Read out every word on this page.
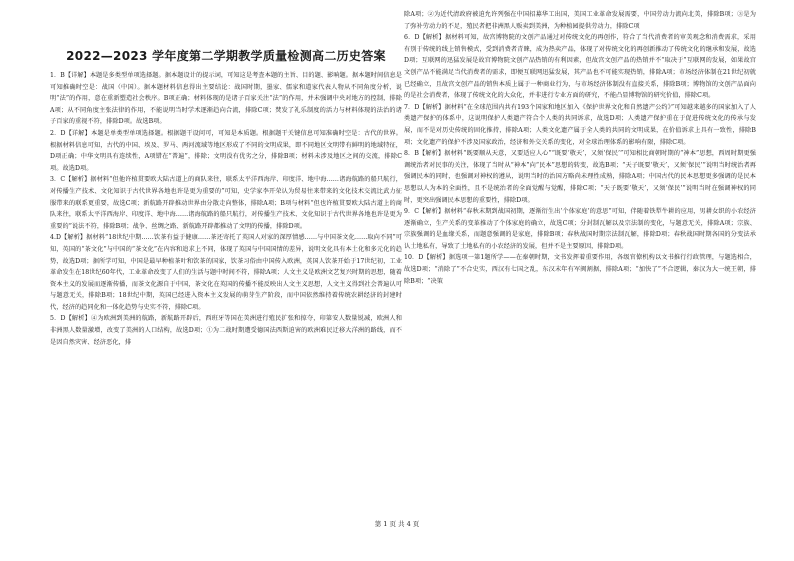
2022—2023 学年度第二学期教学质量检测高二历史答案

1．B【详解】本题是多类型单项选择题。据本题设计的提示词，可知这是考查本题的主旨、目的题、影响题。据本题时间信息是可知推确时空是：战国（中国）。据本题材料信息得出主要结论：战国时期，墨家、儒家和道家代表人物从不同角度分析，说明“法”的作用，意在重新塑造社会秩序。B项正确；材料体现的是诸子百家关注“法”的作用，并未强调中央对地方的控制，排除A项；从不同角度主张法律的作用，不能说明当时学术逐渐趋向合流，排除C项；焚发了礼乐制度的活力与材料体现的法治的诸子百家的重视不符，排除D项。故选B项。

2．D【详解】本题是单类型单项选择题。根据题干设问可，可知是本质题。根据题干关键信息可知准确时空是：古代的世界。根据材料信息可知，古代的中国、埃及、罗马、两河流域等地区形成了不同的文明成果，即不同地区文明带有鲜明的地域特征，D项正确；中华文明具有连续性，A项错在“普遍”，排除；文明没有优劣之分，排除B项；材料未涉及地区之间的交流，排除C项。故选D项。

3．C【解析】据材料“但他许植贯要欧大陆古道上的商队来往，联系太平洋西海岸、印度洋、地中海……诸海航路的船只航行，对传播生产技术、文化知识于古代世界各地也许是更为重要的”可知，史学家李开荣认为贸易往来带来的文化技术交流比武力征服带来的联系更重要，故选C项；新航路开辟推动世界由分散走向整体，排除A项；B项与材料“但也许植贯要欧大陆古道上的商队来往，联系太平洋西海岸、印度洋、地中海……诸海航路的船只航行，对传播生产技术、文化知识于古代世界各地也许是更为重要的”说法不符，排除B项；战争、丝绸之路、新航路开辟都推动了文明的传播，排除D项。

4.D【解析】据材料“18世纪中期……饮茶有益于健康……茶还寄托了英国人对家的深厚情感……与中国茶文化……取向不同”可知，英国的“茶文化”与中国的“茶文化”在内容和追求上不同，体现了英国与中国国情的差异，说明文化具有本土化和多元化的趋势，故选D项；据所学可知，中国是最早种植茶叶和饮茶的国家，饮茶习俗由中国传入欧洲，英国人饮茶开始于17世纪初，工业革命发生在18世纪60年代，工业革命改变了人们的生活与题中时间不符，排除A项；人文主义是欧洲文艺复兴时期的思想，随着资本主义的发展而逐渐传播，而茶文化源自于中国，茶文化在英国的传播不能反映出人文主义思想，人文主义得到社会普遍认可与题意无关，排除B项；18世纪中期，英国已经进入资本主义发展的萌芽生产阶段，而中国依然维持着传统农耕经济的封建时代，经济的趋同化和一体化趋势与史实不符，排除C项。

5．D【解析】④为欧洲到美洲的航路，新航路开辟后，西班牙等国在美洲进行殖民扩张和掠夺，印第安人数量锐减，欧洲人和非洲黑人数量激增，改变了美洲的人口结构，故选D项；①为二战时期遭受德国法西斯迫害的欧洲难民迁移大洋洲的路线，而不是因自然灾害、经济恶化，排

除A项；②为近代清政府被迫允许列强在中国招募华工出国，美国工业革命发展需要，中国劳动力流向北美，排除B项；③是为了弥补劳动力的不足，殖民者把非洲黑人贩卖到美洲，为种植园提供劳动力，排除C项

6．D【解析】据材料可知，故宫博物院的文创产品通过对传统文化的再创作，符合了当代消费者的审美观念和消费需求，采用有别于传统的线上销售模式，受到消费者青睐，成为热卖产品，体现了对传统文化的再创新推动了传统文化的继承和发展，故选D项；互联网的迅猛发展是故宫博物院文创产品热销的有利因素，但故宫文创产品的热销并不“取决于”互联网的发展，如果故宫文创产品不能满足当代消费者的需求，即便互联网迅猛发展，其产品也不可能实现热销，排除A项；市场经济体制在21世纪初就已经确立，且故宫文创产品的销售本质上属于一种商业行为，与市场经济体制没有直接关系，排除B项；博物馆的文创产品面向的是社会消费者，体现了传统文化的大众化，并非进行专业方面的研究，不能凸显博物馆的研究价值，排除C项。

7．D【解析】据材料“在全球范围内共有193个国家和地区加入《保护世界文化和自然遗产公约》”可知越来越多的国家加入了人类遗产保护的体系中，这说明保护人类遗产符合个人类的共同诉求，故选D项；人类遗产保护重在于促进传统文化的传承与发展，而不是对历史传统的固化推持，排除A项；人类文化遗产属于全人类的共同的文明成果，在价值诉求上具有一致性，排除B项；文化遗产的保护不涉及国家政治，经济和外交关系的变化，对全球治理体系的影响有限，排除C项。

8．B【解析】据材料“既要顺从天意，又要适应人心”“既要‘敬天’，又须‘保民’”可知相比商朝时期的“神本”思想，西周时期更强调统治者对民事的关注，体现了当时从“神本”向“民本”思想的转变，故选B项；“天子既要‘敬天’，又须‘保民’”说明当时统治者再强调民本的同时，也强调对神权的遵从，说明当时的治国方略尚未理性成熟，排除A项；中国古代的民本思想更多强调的是民本思想以人为本的全面性，且不是统治者的全面觉醒与觉醒，排除C项；“天子既要‘敬天’，又须‘保民’”说明当时在强调神权的同时，更突出强调民本思想的重要性，排除D项。

9．C【解析】据材料“春秋末期到战国初期，逐渐衍生出‘个体家庭’的意思”可知，伴随着铁犁牛耕的应用，男耕女织的小农经济逐渐确立，生产关系的变革推动了个体家庭的确立，故选C项；分封制瓦解以及宗法制的变化，与题意无关，排除A项；宗族、宗族强调的是血缘关系，而题意强调的是家庭，排除B项；春秋战国时期宗法制瓦解，排除D项；春秋战国时期各国的分变法承认土地私有，导致了土地私有的小农经济的发展，但并不是主要原因，排除D项。

10．D【解析】据选项一第1题所学——在秦朝时期，文书发挥着重要作用，各级官僚机构以文书推行行政管理，与题选相合，故选D项；“消除了”不合史实，西汉有七国之乱，东汉末年有军阀割据，排除A项；“加快了”不合逻辑，秦汉为大一统王朝，排除B项；“决策

第 1 页 共 4 页
